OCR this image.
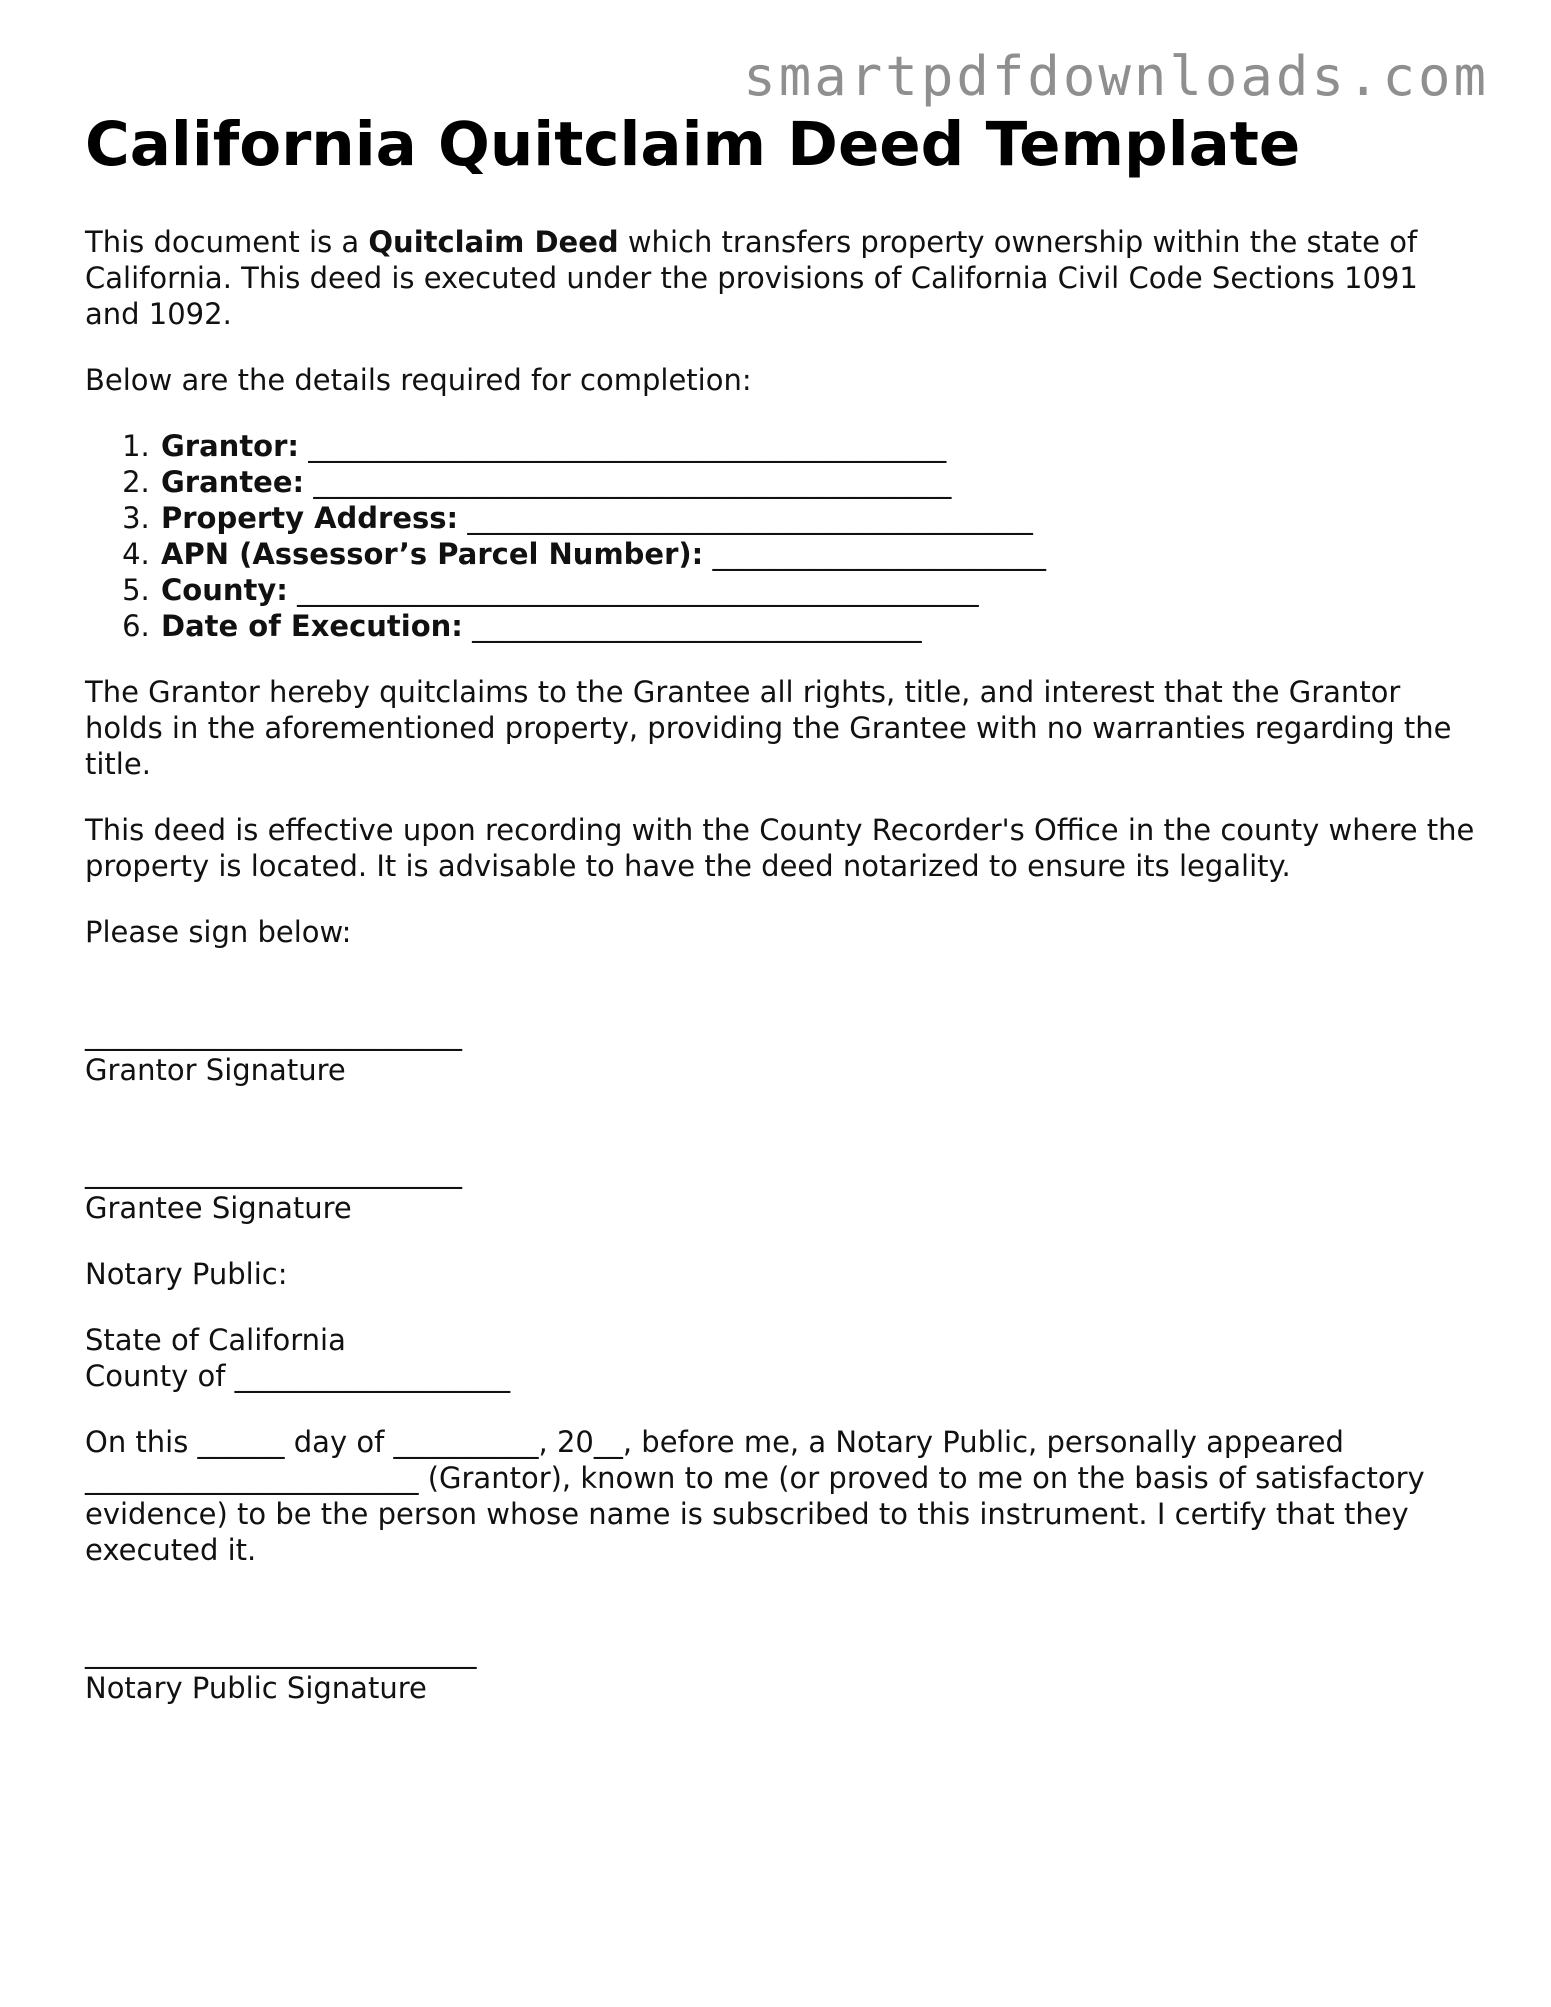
smartpdfdownloads.com
California Quitclaim Deed Template

This document is a Quitclaim Deed which transfers property ownership within the state of California. This deed is executed under the provisions of California Civil Code Sections 1091 and 1092.

Below are the details required for completion:

1. Grantor: ____________________________________________
2. Grantee: ____________________________________________
3. Property Address: _______________________________________
4. APN (Assessor’s Parcel Number): _______________________
5. County: _______________________________________________
6. Date of Execution: _______________________________

The Grantor hereby quitclaims to the Grantee all rights, title, and interest that the Grantor holds in the aforementioned property, providing the Grantee with no warranties regarding the title.

This deed is effective upon recording with the County Recorder's Office in the county where the property is located. It is advisable to have the deed notarized to ensure its legality.

Please sign below:

__________________________
Grantor Signature

__________________________
Grantee Signature

Notary Public:

State of California
County of ___________________

On this ______ day of __________, 20__, before me, a Notary Public, personally appeared _______________________ (Grantor), known to me (or proved to me on the basis of satisfactory evidence) to be the person whose name is subscribed to this instrument. I certify that they executed it.

___________________________
Notary Public Signature
